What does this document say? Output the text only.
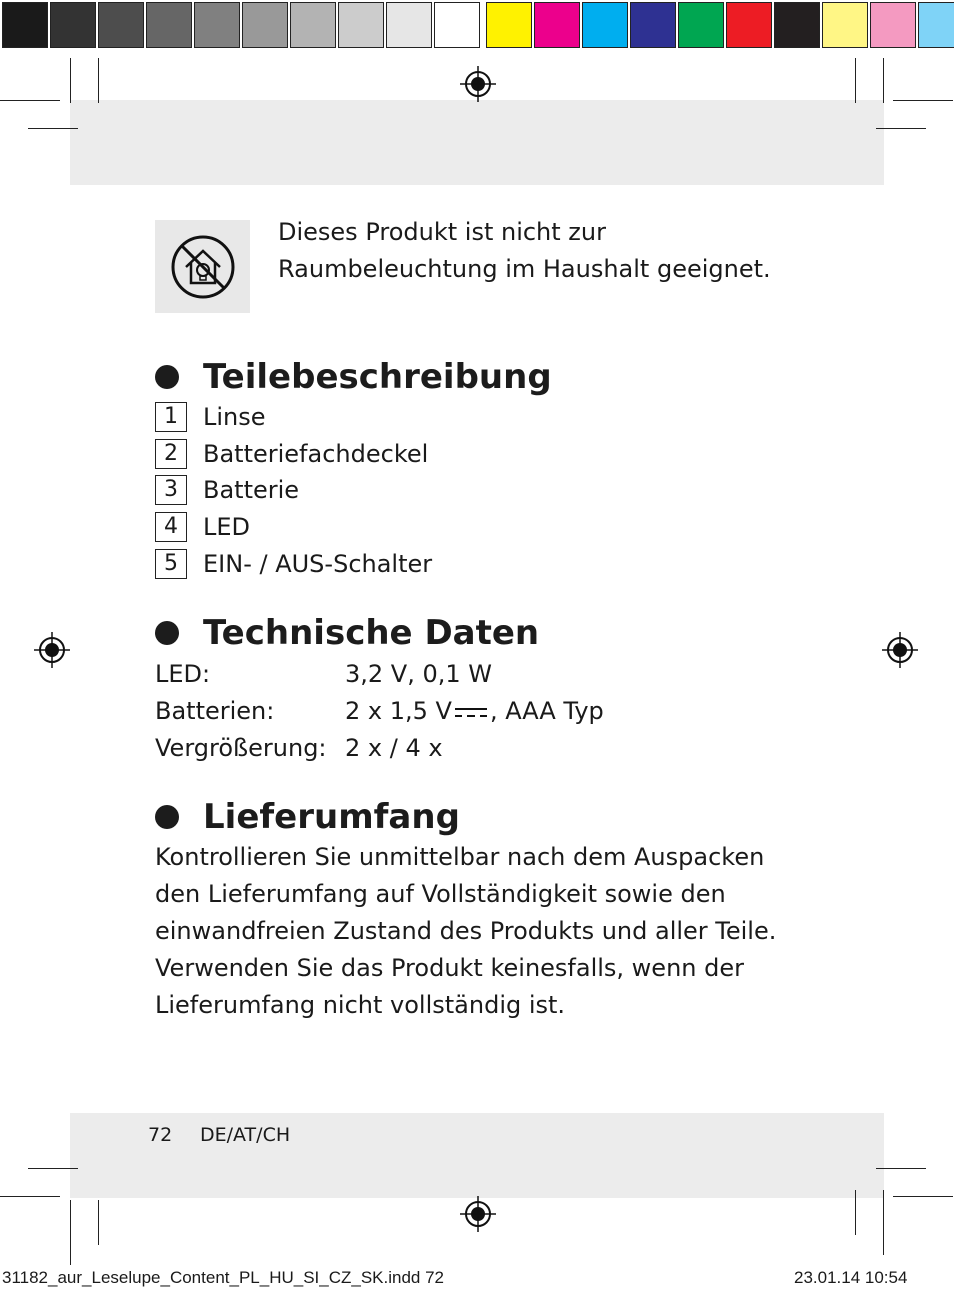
Dieses Produkt ist nicht zur Raumbeleuchtung im Haushalt geeignet.
Teilebeschreibung
1	Linse
2	Batteriefachdeckel
3	Batterie
4	LED
5	EIN- / AUS-Schalter
Technische Daten
LED:	3,2 V, 0,1 W
Batterien:	2 x 1,5 V , AAA Typ
Vergrößerung: 2 x / 4 x
Lieferumfang
Kontrollieren Sie unmittelbar nach dem Auspacken den Lieferumfang auf Vollständigkeit sowie den einwandfreien Zustand des Produkts und aller Teile. Verwenden Sie das Produkt keinesfalls, wenn der Lieferumfang nicht vollständig ist.
72 DE/AT/CH
31182_aur_Leselupe_Content_PL_HU_SI_CZ_SK.indd 72	23.01.14 10:54
